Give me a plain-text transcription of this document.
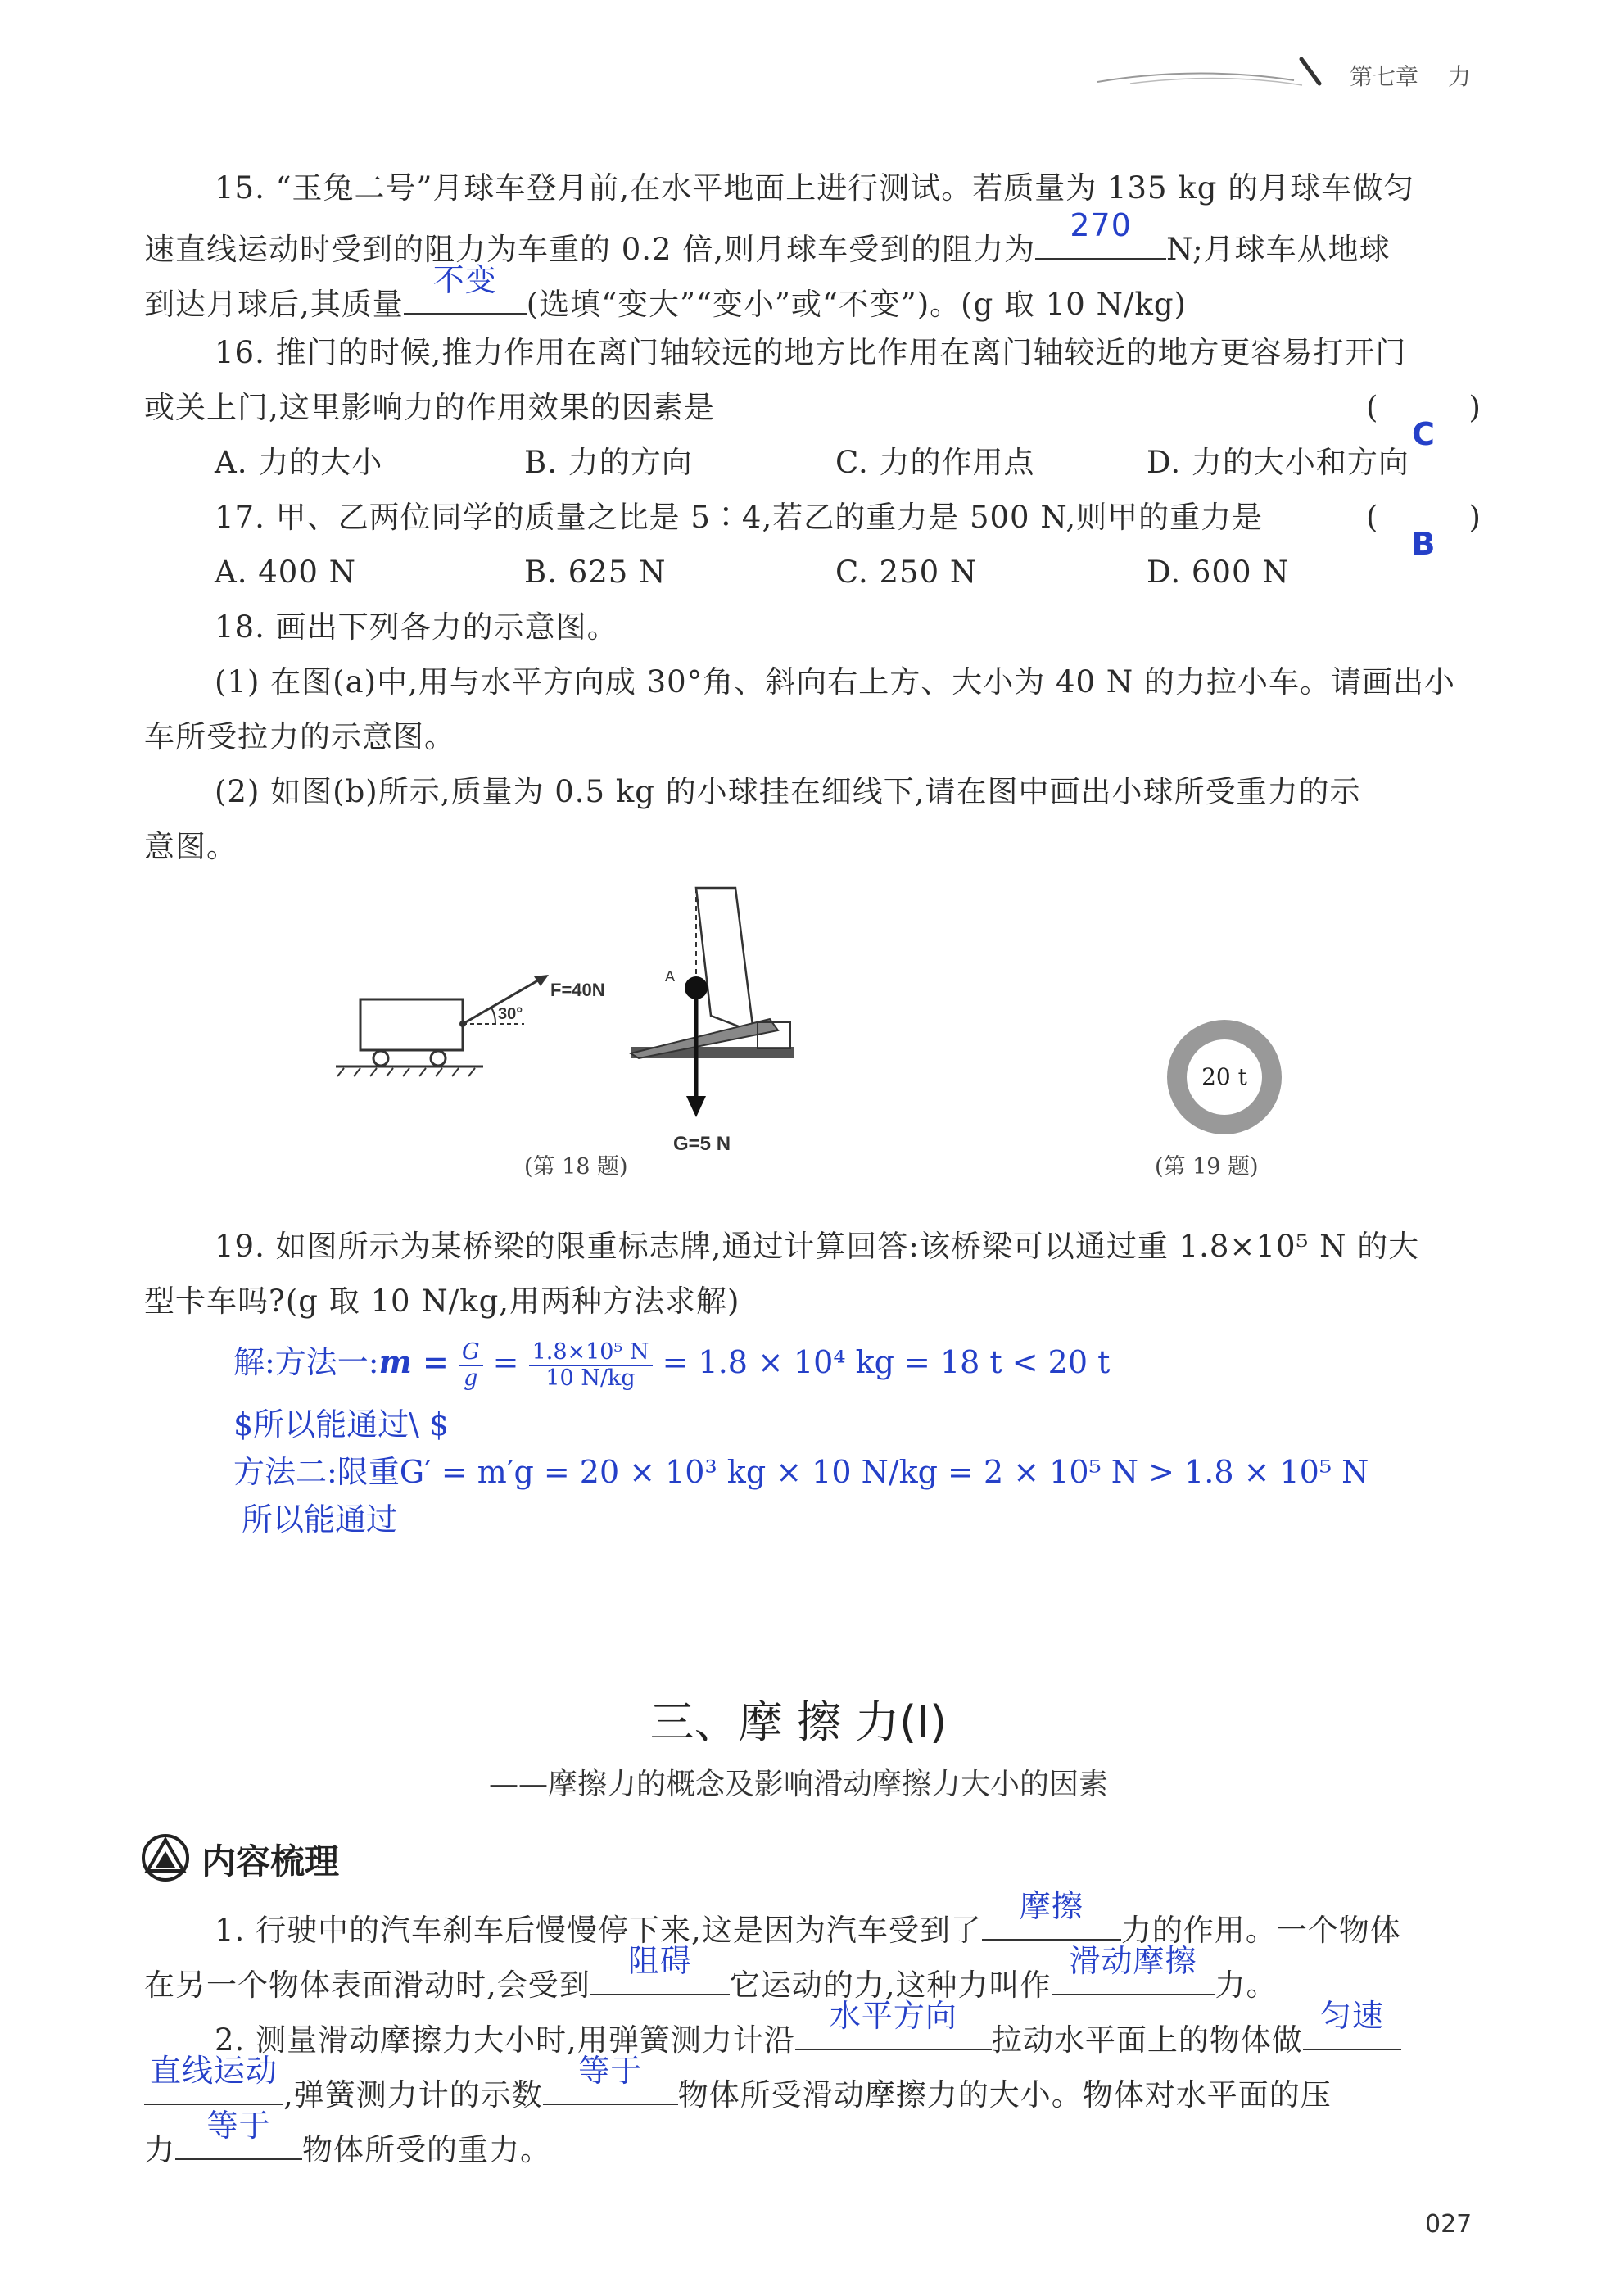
第七章 力
15. “玉兔二号”月球车登月前,在水平地面上进行测试。若质量为 135 kg 的月球车做匀
速直线运动时受到的阻力为车重的 0.2 倍,则月球车受到的阻力为
270
N;月球车从地球
到达月球后,其质量
不变
(选填“变大”“变小”或“不变”)。(g 取 10 N/kg)
16. 推门的时候,推力作用在离门轴较远的地方比作用在离门轴较近的地方更容易打开门
或关上门,这里影响力的作用效果的因素是	(
C
)
A. 力的大小	B. 力的方向	C. 力的作用点	D. 力的大小和方向
17. 甲、乙两位同学的质量之比是 5∶4,若乙的重力是 500 N,则甲的重力是	(
B
)
A. 400 N	B. 625 N	C. 250 N	D. 600 N
18. 画出下列各力的示意图。
(1) 在图(a)中,用与水平方向成 30°角、斜向右上方、大小为 40 N 的力拉小车。请画出小
车所受拉力的示意图。
(2) 如图(b)所示,质量为 0.5 kg 的小球挂在细线下,请在图中画出小球所受重力的示
意图。
30°
F=40N
A
G=5 N
(第 18 题)
20 t
(第 19 题)
19. 如图所示为某桥梁的限重标志牌,通过计算回答:该桥梁可以通过重 1.8×10⁵ N 的大
型卡车吗?(g 取 10 N/kg,用两种方法求解)
解:方法一:m = $\frac{G}{g} = \frac{\text{1.8×10⁵ N}}{10 N/kg} = 1.8 \times 10^4$ kg = 18 t < 20 t
$所以能通过\ $
方法二:限重G′ = m′g = 20 × 10³ kg × 10 N/kg = 2 × 10⁵ N > 1.8 × 10⁵ N
所以能通过
三、摩 擦 力(Ⅰ)
——摩擦力的概念及影响滑动摩擦力大小的因素
内容梳理
1. 行驶中的汽车刹车后慢慢停下来,这是因为汽车受到了
摩擦
力的作用。一个物体
在另一个物体表面滑动时,会受到
阻碍
它运动的力,这种力叫作
滑动摩擦
力。
2. 测量滑动摩擦力大小时,用弹簧测力计沿
水平方向
拉动水平面上的物体做
匀速
直线运动
,弹簧测力计的示数
等于
物体所受滑动摩擦力的大小。物体对水平面的压
力
等于
物体所受的重力。
027
